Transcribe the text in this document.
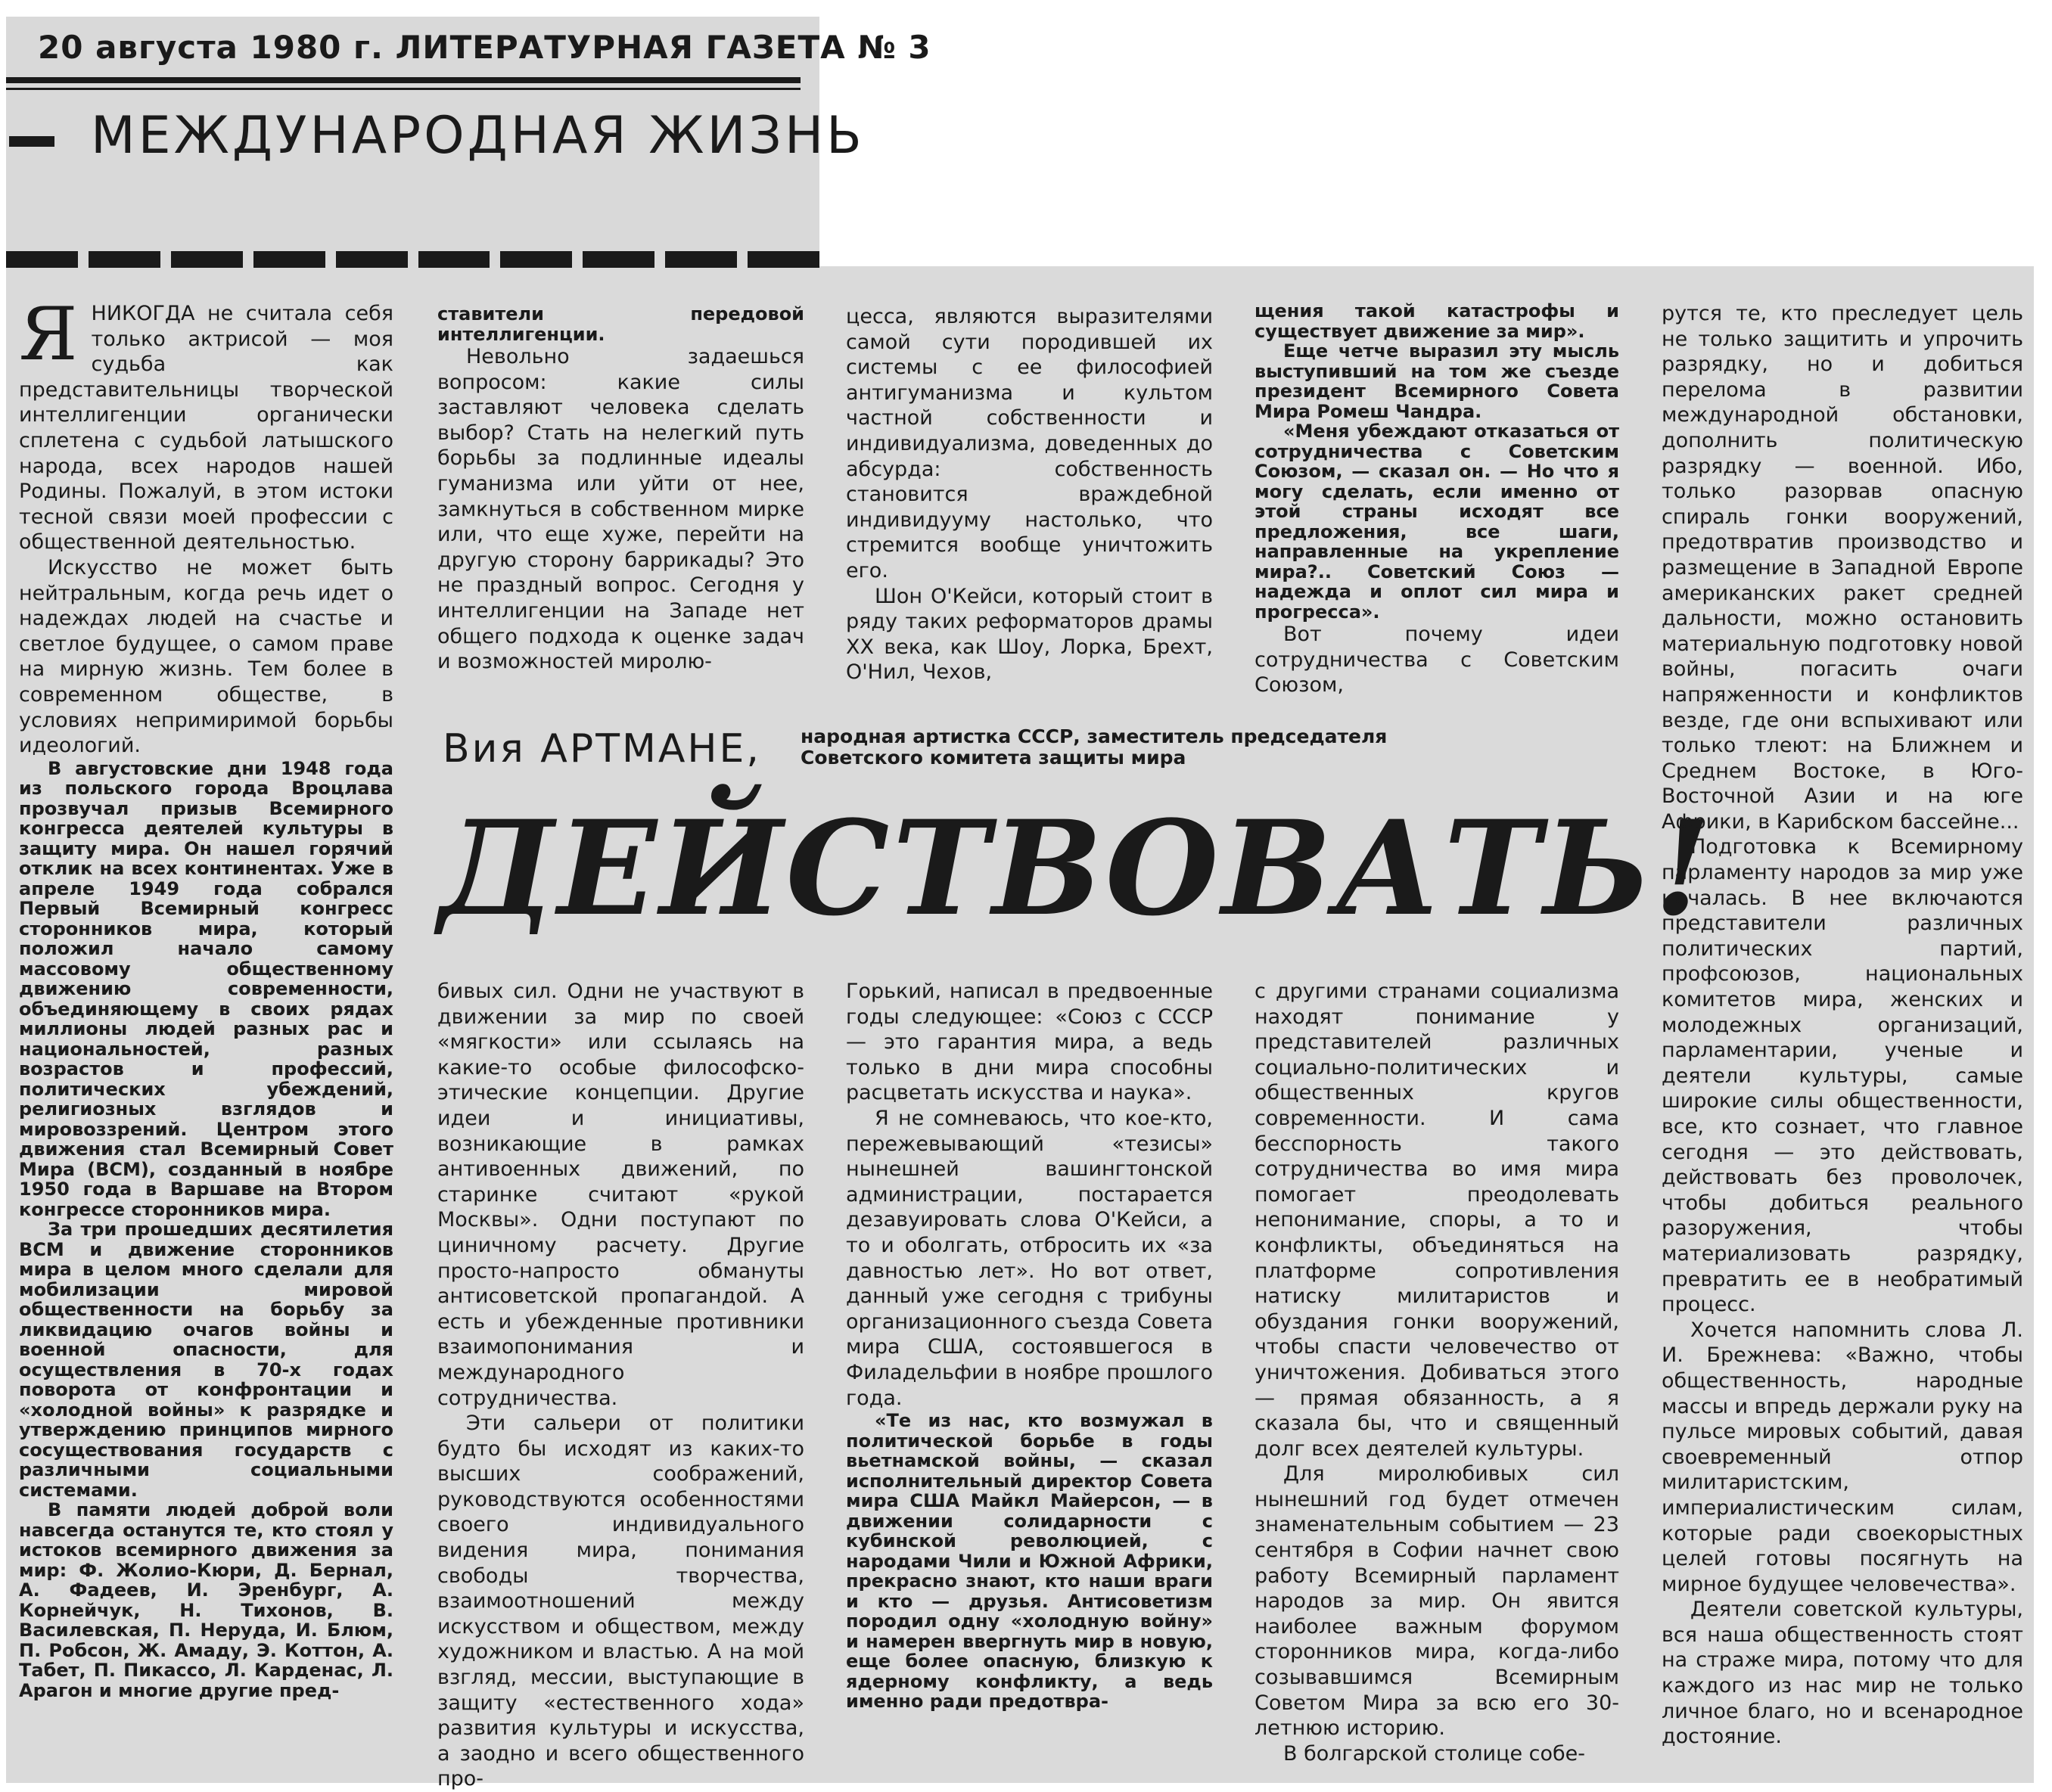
20 августа 1980 г. ЛИТЕРАТУРНАЯ ГАЗЕТА № 3
МЕЖДУНАРОДНАЯ ЖИЗНЬ
Я НИКОГДА не считала себя только актрисой — моя судьба как представительницы творческой интеллигенции органически сплетена с судьбой латышского народа, всех народов нашей Родины. Пожалуй, в этом истоки тесной связи моей профессии с общественной деятельностью.

Искусство не может быть нейтральным, когда речь идет о надеждах людей на счастье и светлое будущее, о самом праве на мирную жизнь. Тем более в современном обществе, в условиях непримиримой борьбы идеологий.

В августовские дни 1948 года из польского города Вроцлава прозвучал призыв Всемирного конгресса деятелей культуры в защиту мира. Он нашел горячий отклик на всех континентах. Уже в апреле 1949 года собрался Первый Всемирный конгресс сторонников мира, который положил начало самому массовому общественному движению современности, объединяющему в своих рядах миллионы людей разных рас и национальностей, разных возрастов и профессий, политических убеждений, религиозных взглядов и мировоззрений. Центром этого движения стал Всемирный Совет Мира (ВСМ), созданный в ноябре 1950 года в Варшаве на Втором конгрессе сторонников мира.

За три прошедших десятилетия ВСМ и движение сторонников мира в целом много сделали для мобилизации мировой общественности на борьбу за ликвидацию очагов войны и военной опасности, для осуществления в 70-х годах поворота от конфронтации и «холодной войны» к разрядке и утверждению принципов мирного сосуществования государств с различными социальными системами.

В памяти людей доброй воли навсегда останутся те, кто стоял у истоков всемирного движения за мир: Ф. Жолио-Кюри, Д. Бернал, А. Фадеев, И. Эренбург, А. Корнейчук, Н. Тихонов, В. Василевская, П. Неруда, И. Блюм, П. Робсон, Ж. Амаду, Э. Коттон, А. Табет, П. Пикассо, Л. Карденас, Л. Арагон и многие другие пред-

ставители передовой интеллигенции.

Невольно задаешься вопросом: какие силы заставляют человека сделать выбор? Стать на нелегкий путь борьбы за подлинные идеалы гуманизма или уйти от нее, замкнуться в собственном мирке или, что еще хуже, перейти на другую сторону баррикады? Это не праздный вопрос. Сегодня у интеллигенции на Западе нет общего подхода к оценке задач и возможностей миролю-

цесса, являются выразителями самой сути породившей их системы с ее философией антигуманизма и культом частной собственности и индивидуализма, доведенных до абсурда: собственность становится враждебной индивидууму настолько, что стремится вообще уничтожить его.

Шон О'Кейси, который стоит в ряду таких реформаторов драмы XX века, как Шоу, Лорка, Брехт, О'Нил, Чехов,

щения такой катастрофы и существует движение за мир».

Еще четче выразил эту мысль выступивший на том же съезде президент Всемирного Совета Мира Ромеш Чандра.

«Меня убеждают отказаться от сотрудничества с Советским Союзом, — сказал он. — Но что я могу сделать, если именно от этой страны исходят все предложения, все шаги, направленные на укрепление мира?.. Советский Союз — надежда и оплот сил мира и прогресса».

Вот почему идеи сотрудничества с Советским Союзом,

Вия АРТМАНЕ, народная артистка СССР, заместитель председателя Советского комитета защиты мира
ДЕЙСТВОВАТЬ!

бивых сил. Одни не участвуют в движении за мир по своей «мягкости» или ссылаясь на какие-то особые философско-этические концепции. Другие идеи и инициативы, возникающие в рамках антивоенных движений, по старинке считают «рукой Москвы». Одни поступают по циничному расчету. Другие просто-напросто обмануты антисоветской пропагандой. А есть и убежденные противники взаимопонимания и международного сотрудничества.

Эти сальери от политики будто бы исходят из каких-то высших соображений, руководствуются особенностями своего индивидуального видения мира, понимания свободы творчества, взаимоотношений между искусством и обществом, между художником и властью. А на мой взгляд, мессии, выступающие в защиту «естественного хода» развития культуры и искусства, а заодно и всего общественного про-

Горький, написал в предвоенные годы следующее: «Союз с СССР — это гарантия мира, а ведь только в дни мира способны расцветать искусства и наука».

Я не сомневаюсь, что кое-кто, пережевывающий «тезисы» нынешней вашингтонской администрации, постарается дезавуировать слова О'Кейси, а то и оболгать, отбросить их «за давностью лет». Но вот ответ, данный уже сегодня с трибуны организационного съезда Совета мира США, состоявшегося в Филадельфии в ноябре прошлого года.

«Те из нас, кто возмужал в политической борьбе в годы вьетнамской войны, — сказал исполнительный директор Совета мира США Майкл Майерсон, — в движении солидарности с кубинской революцией, с народами Чили и Южной Африки, прекрасно знают, кто наши враги и кто — друзья. Антисоветизм породил одну «холодную войну» и намерен ввергнуть мир в новую, еще более опасную, близкую к ядерному конфликту, а ведь именно ради предотвра-

с другими странами социализма находят понимание у представителей различных социально-политических и общественных кругов современности. И сама бесспорность такого сотрудничества во имя мира помогает преодолевать непонимание, споры, а то и конфликты, объединяться на платформе сопротивления натиску милитаристов и обуздания гонки вооружений, чтобы спасти человечество от уничтожения. Добиваться этого — прямая обязанность, а я сказала бы, что и священный долг всех деятелей культуры.

Для миролюбивых сил нынешний год будет отмечен знаменательным событием — 23 сентября в Софии начнет свою работу Всемирный парламент народов за мир. Он явится наиболее важным форумом сторонников мира, когда-либо созывавшимся Всемирным Советом Мира за всю его 30-летнюю историю.

В болгарской столице собе-

рутся те, кто преследует цель не только защитить и упрочить разрядку, но и добиться перелома в развитии международной обстановки, дополнить политическую разрядку — военной. Ибо, только разорвав опасную спираль гонки вооружений, предотвратив производство и размещение в Западной Европе американских ракет средней дальности, можно остановить материальную подготовку новой войны, погасить очаги напряженности и конфликтов везде, где они вспыхивают или только тлеют: на Ближнем и Среднем Востоке, в Юго-Восточной Азии и на юге Африки, в Карибском бассейне...

Подготовка к Всемирному парламенту народов за мир уже началась. В нее включаются представители различных политических партий, профсоюзов, национальных комитетов мира, женских и молодежных организаций, парламентарии, ученые и деятели культуры, самые широкие силы общественности, все, кто сознает, что главное сегодня — это действовать, действовать без проволочек, чтобы добиться реального разоружения, чтобы материализовать разрядку, превратить ее в необратимый процесс.

Хочется напомнить слова Л. И. Брежнева: «Важно, чтобы общественность, народные массы и впредь держали руку на пульсе мировых событий, давая своевременный отпор милитаристским, империалистическим силам, которые ради своекорыстных целей готовы посягнуть на мирное будущее человечества».

Деятели советской культуры, вся наша общественность стоят на страже мира, потому что для каждого из нас мир не только личное благо, но и всенародное достояние.
